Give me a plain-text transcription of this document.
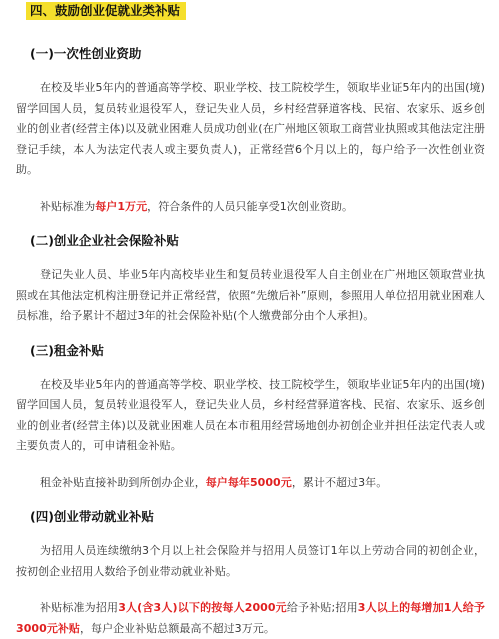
四、鼓励创业促就业类补贴
(一)一次性创业资助

在校及毕业5年内的普通高等学校、职业学校、技工院校学生，领取毕业证5年内的出国(境)留学回国人员，复员转业退役军人，登记失业人员，乡村经营驿道客栈、民宿、农家乐、返乡创业的创业者(经营主体)以及就业困难人员成功创业(在广州地区领取工商营业执照或其他法定注册登记手续，本人为法定代表人或主要负责人)，正常经营6个月以上的，每户给予一次性创业资助。

补贴标准为每户1万元，符合条件的人员只能享受1次创业资助。

(二)创业企业社会保险补贴

登记失业人员、毕业5年内高校毕业生和复员转业退役军人自主创业在广州地区领取营业执照或在其他法定机构注册登记并正常经营，依照“先缴后补”原则，参照用人单位招用就业困难人员标准，给予累计不超过3年的社会保险补贴(个人缴费部分由个人承担)。

(三)租金补贴

在校及毕业5年内的普通高等学校、职业学校、技工院校学生，领取毕业证5年内的出国(境)留学回国人员，复员转业退役军人，登记失业人员，乡村经营驿道客栈、民宿、农家乐、返乡创业的创业者(经营主体)以及就业困难人员在本市租用经营场地创办初创企业并担任法定代表人或主要负责人的，可申请租金补贴。

租金补贴直接补助到所创办企业，每户每年5000元，累计不超过3年。

(四)创业带动就业补贴

为招用人员连续缴纳3个月以上社会保险并与招用人员签订1年以上劳动合同的初创企业，按初创企业招用人数给予创业带动就业补贴。

补贴标准为招用3人(含3人)以下的按每人2000元给予补贴;招用3人以上的每增加1人给予3000元补贴，每户企业补贴总额最高不超过3万元。
